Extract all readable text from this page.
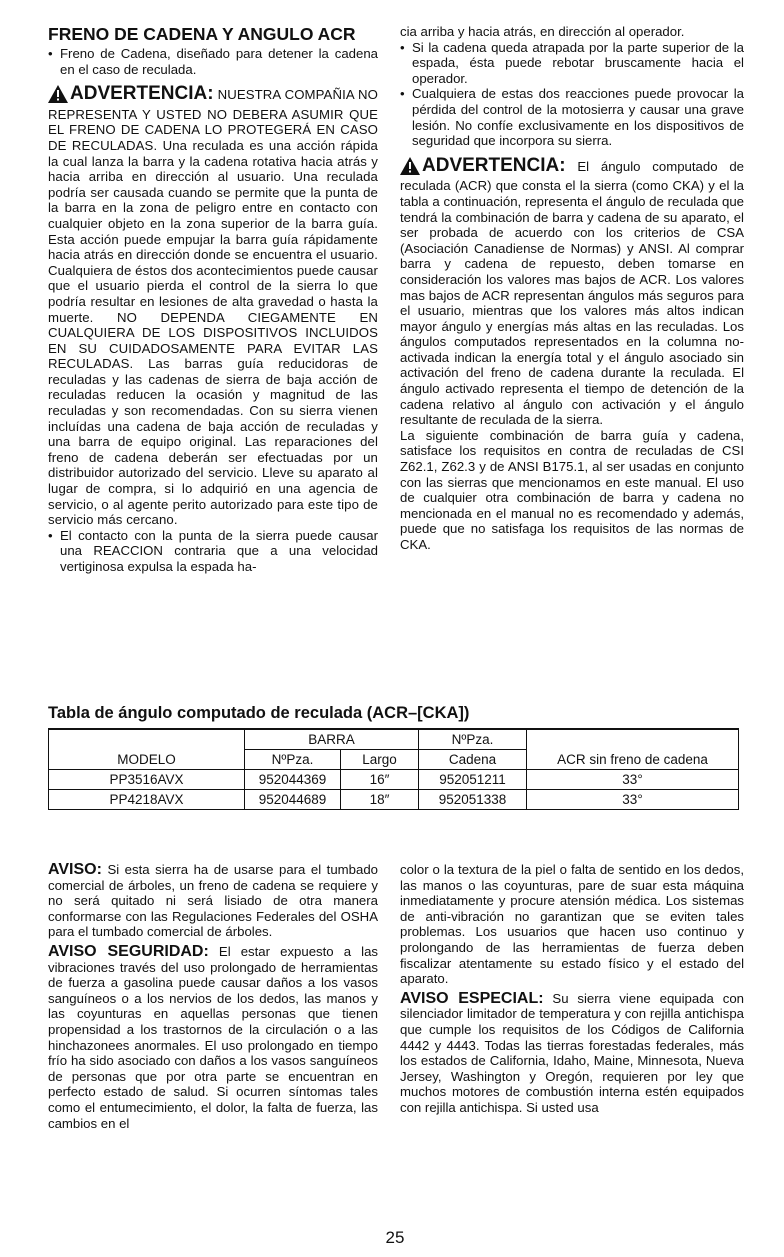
FRENO DE CADENA Y ANGULO ACR
• Freno de Cadena, diseñado para detener la cadena en el caso de reculada.
ADVERTENCIA: NUESTRA COMPAÑIA NO REPRESENTA Y USTED NO DEBERA ASUMIR QUE EL FRENO DE CADENA LO PROTEGERÁ EN CASO DE RECULADAS. Una reculada es una acción rápida la cual lanza la barra y la cadena rotativa hacia atrás y hacia arriba en dirección al usuario. Una reculada podría ser causada cuando se permite que la punta de la barra en la zona de peligro entre en contacto con cualquier objeto en la zona superior de la barra guía. Esta acción puede empujar la barra guía rápidamente hacia atrás en dirección donde se encuentra el usuario. Cualquiera de éstos dos acontecimientos puede causar que el usuario pierda el control de la sierra lo que podría resultar en lesiones de alta gravedad o hasta la muerte. NO DEPENDA CIEGAMENTE EN CUALQUIERA DE LOS DISPOSITIVOS INCLUIDOS EN SU CUIDADOSAMENTE PARA EVITAR LAS RECULADAS. Las barras guía reducidoras de reculadas y las cadenas de sierra de baja acción de reculadas reducen la ocasión y magnitud de las reculadas y son recomendadas. Con su sierra vienen incluídas una cadena de baja acción de reculadas y una barra de equipo original. Las reparaciones del freno de cadena deberán ser efectuadas por un distribuidor autorizado del servicio. Lleve su aparato al lugar de compra, si lo adquirió en una agencia de servicio, o al agente perito autorizado para este tipo de servicio más cercano.
• El contacto con la punta de la sierra puede causar una REACCION contraria que a una velocidad vertiginosa expulsa la espada ha-
cia arriba y hacia atrás, en dirección al operador.
• Si la cadena queda atrapada por la parte superior de la espada, ésta puede rebotar bruscamente hacia el operador.
• Cualquiera de estas dos reacciones puede provocar la pérdida del control de la motosierra y causar una grave lesión. No confíe exclusivamente en los dispositivos de seguridad que incorpora su sierra.
ADVERTENCIA: El ángulo computado de reculada (ACR) que consta el la sierra (como CKA) y el la tabla a continuación, representa el ángulo de reculada que tendrá la combinación de barra y cadena de su aparato, el ser probada de acuerdo con los criterios de CSA (Asociación Canadiense de Normas) y ANSI. Al comprar barra y cadena de repuesto, deben tomarse en consideración los valores mas bajos de ACR. Los valores mas bajos de ACR representan ángulos más seguros para el usuario, mientras que los valores más altos indican mayor ángulo y energías más altas en las reculadas. Los ángulos computados representados en la columna no-activada indican la energía total y el ángulo asociado sin activación del freno de cadena durante la reculada. El ángulo activado representa el tiempo de detención de la cadena relativo al ángulo con activación y el ángulo resultante de reculada de la sierra.
La siguiente combinación de barra guía y cadena, satisface los requisitos en contra de reculadas de CSI Z62.1, Z62.3 y de ANSI B175.1, al ser usadas en conjunto con las sierras que mencionamos en este manual. El uso de cualquier otra combinación de barra y cadena no mencionada en el manual no es recomendado y además, puede que no satisfaga los requisitos de las normas de CKA.
Tabla de ángulo computado de reculada (ACR–[CKA])
MODELO	BARRA		NºPza.	ACR sin freno de cadena
	NºPza.	Largo	Cadena	
PP3516AVX	952044369	16″	952051211	33°
PP4218AVX	952044689	18″	952051338	33°
AVISO: Si esta sierra ha de usarse para el tumbado comercial de árboles, un freno de cadena se requiere y no será quitado ni será lisiado de otra manera conformarse con las Regulaciones Federales del OSHA para el tumbado comercial de árboles.
AVISO SEGURIDAD: El estar expuesto a las vibraciones través del uso prolongado de herramientas de fuerza a gasolina puede causar daños a los vasos sanguíneos o a los nervios de los dedos, las manos y las coyunturas en aquellas personas que tienen propensidad a los trastornos de la circulación o a las hinchazonees anormales. El uso prolongado en tiempo frío ha sido asociado con daños a los vasos sanguíneos de personas que por otra parte se encuentran en perfecto estado de salud. Si ocurren síntomas tales como el entumecimiento, el dolor, la falta de fuerza, las cambios en el
color o la textura de la piel o falta de sentido en los dedos, las manos o las coyunturas, pare de suar esta máquina inmediatamente y procure atensión médica. Los sistemas de anti-vibración no garantizan que se eviten tales problemas. Los usuarios que hacen uso continuo y prolongando de las herramientas de fuerza deben fiscalizar atentamente su estado físico y el estado del aparato.
AVISO ESPECIAL: Su sierra viene equipada con silenciador limitador de temperatura y con rejilla antichispa que cumple los requisitos de los Códigos de California 4442 y 4443. Todas las tierras forestadas federales, más los estados de California, Idaho, Maine, Minnesota, Nueva Jersey, Washington y Oregón, requieren por ley que muchos motores de combustión interna estén equipados con rejilla antichispa. Si usted usa
25
